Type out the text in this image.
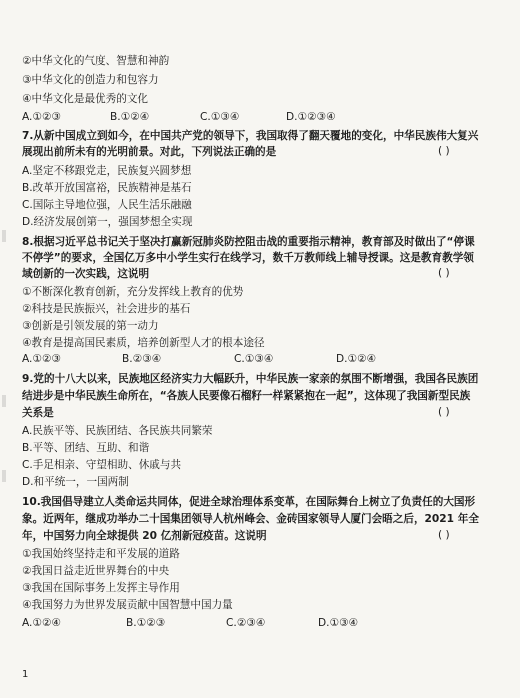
②中华文化的气度、智慧和神韵
③中华文化的创造力和包容力
④中华文化是最优秀的文化
A.①②③	B.①②④	C.①③④	D.①②③④
7.从新中国成立到如今，在中国共产党的领导下，我国取得了翻天覆地的变化，中华民族伟大复兴
展现出前所未有的光明前景。对此，下列说法正确的是	( )
A.坚定不移跟党走，民族复兴圆梦想
B.改革开放国富裕，民族精神是基石
C.国际主导地位强，人民生活乐融融
D.经济发展创第一，强国梦想全实现
8.根据习近平总书记关于坚决打赢新冠肺炎防控阻击战的重要指示精神，教育部及时做出了“停课
不停学”的要求，全国亿万多中小学生实行在线学习，数千万教师线上辅导授课。这是教育教学领
域创新的一次实践，这说明	( )
①不断深化教育创新，充分发挥线上教育的优势
②科技是民族振兴，社会进步的基石
③创新是引领发展的第一动力
④教育是提高国民素质，培养创新型人才的根本途径
A.①②③	B.②③④	C.①③④	D.①②④
9.党的十八大以来，民族地区经济实力大幅跃升，中华民族一家亲的氛围不断增强，我国各民族团
结进步是中华民族生命所在，“各族人民要像石榴籽一样紧紧抱在一起”，这体现了我国新型民族
关系是	( )
A.民族平等、民族团结、各民族共同繁荣
B.平等、团结、互助、和谐
C.手足相亲、守望相助、休戚与共
D.和平统一，一国两制
10.我国倡导建立人类命运共同体，促进全球治理体系变革，在国际舞台上树立了负责任的大国形
象。近两年，继成功举办二十国集团领导人杭州峰会、金砖国家领导人厦门会晤之后，2021 年全
年，中国努力向全球提供 20 亿剂新冠疫苗。这说明	( )
①我国始终坚持走和平发展的道路
②我国日益走近世界舞台的中央
③我国在国际事务上发挥主导作用
④我国努力为世界发展贡献中国智慧中国力量
A.①②④	B.①②③	C.②③④	D.①③④
1
